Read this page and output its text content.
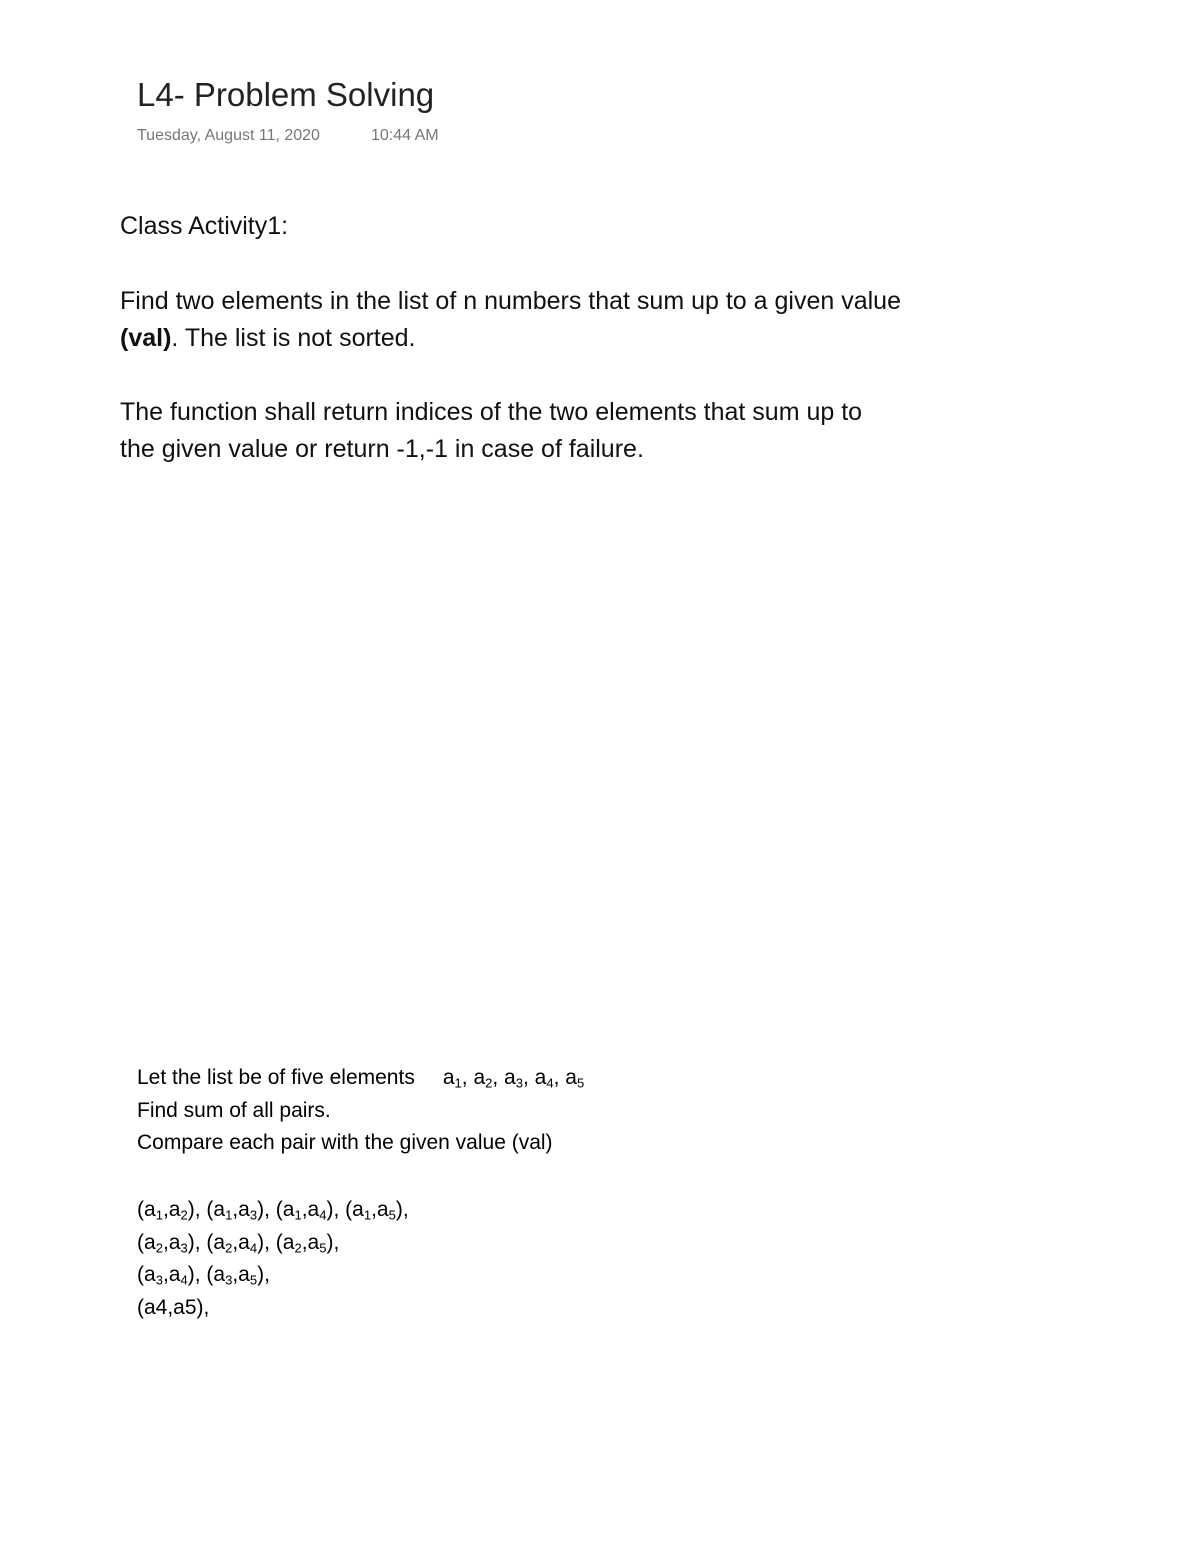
L4- Problem Solving
Tuesday, August 11, 2020	10:44 AM
Class Activity1:
Find two elements in the list of n numbers that sum up to a given value
(val). The list is not sorted.
The function shall return indices of the two elements that sum up to
the given value or return -1,-1 in case of failure.
Let the list be of five elements $a_1$, $a_2$, $a_3$, $a_4$, $a_5$
Find sum of all pairs.
Compare each pair with the given value (val)
$(a_1,a_2)$, $(a_1,a_3)$, $(a_1,a_4)$, $(a_1,a_5)$,
$(a_2,a_3)$, $(a_2,a_4)$, $(a_2,a_5)$,
$(a_3,a_4)$, $(a_3,a_5)$,
(a4,a5),
